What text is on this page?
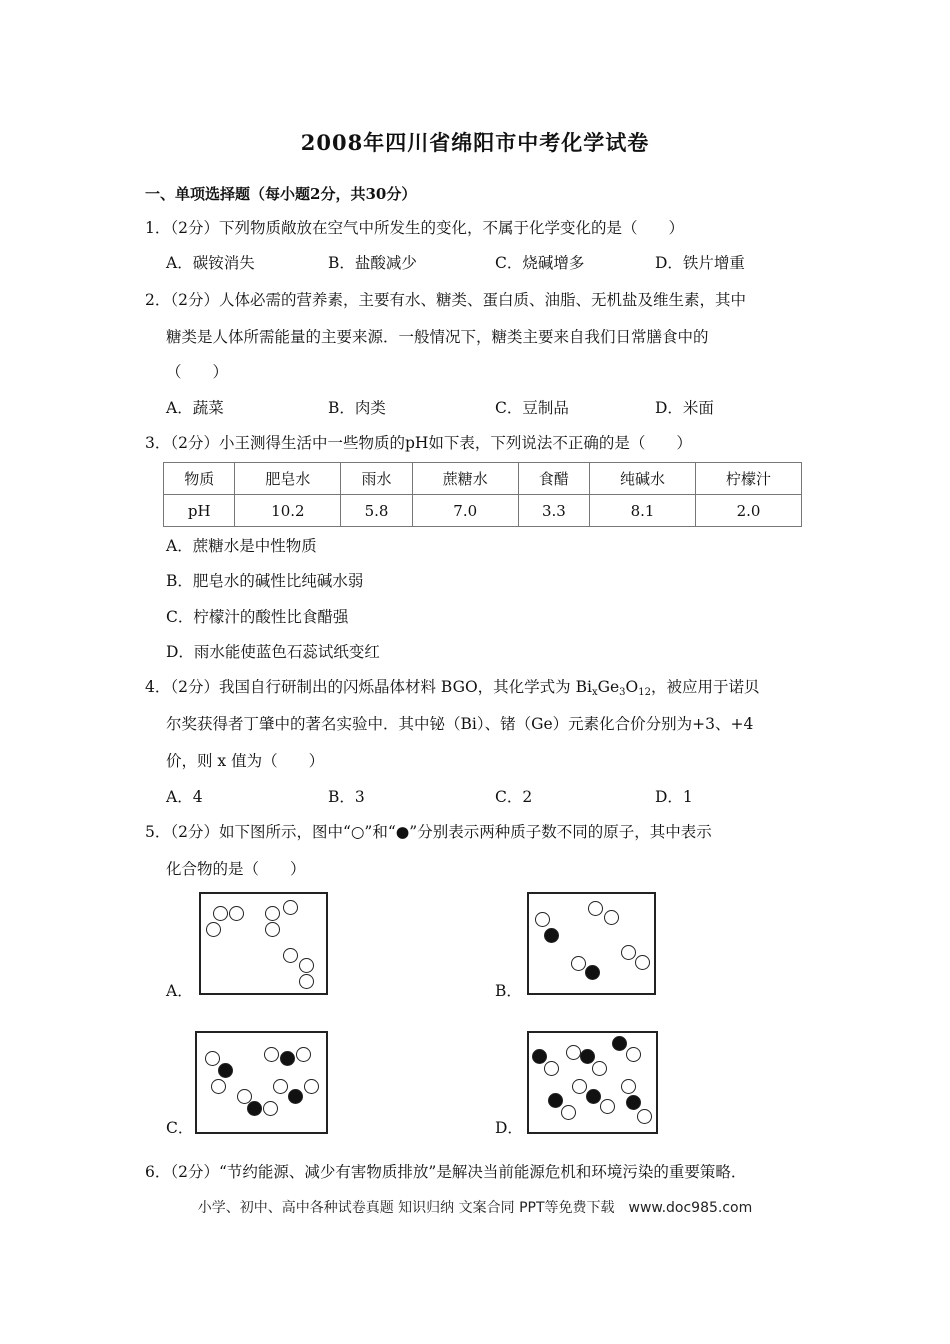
2008年四川省绵阳市中考化学试卷
一、单项选择题（每小题2分，共30分）
1．（2分）下列物质敞放在空气中所发生的变化，不属于化学变化的是（　　）
A．碳铵消失	B．盐酸减少	C．烧碱增多	D．铁片增重
2．（2分）人体必需的营养素，主要有水、糖类、蛋白质、油脂、无机盐及维生素，其中
糖类是人体所需能量的主要来源．一般情况下，糖类主要来自我们日常膳食中的
（　　）
A．蔬菜	B．肉类	C．豆制品	D．米面
3．（2分）小王测得生活中一些物质的pH如下表，下列说法不正确的是（　　）
物质	肥皂水	雨水	蔗糖水	食醋	纯碱水	柠檬汁
pH	10.2	5.8	7.0	3.3	8.1	2.0
A．蔗糖水是中性物质
B．肥皂水的碱性比纯碱水弱
C．柠檬汁的酸性比食醋强
D．雨水能使蓝色石蕊试纸变红
4．（2分）我国自行研制出的闪烁晶体材料 BGO，其化学式为 $Bi_xGe_3O_{12}$，被应用于诺贝
尔奖获得者丁肇中的著名实验中．其中铋（Bi）、锗（Ge）元素化合价分别为+3、+4
价，则 x 值为（　　）
A．4	B．3	C．2	D．1
5．（2分）如下图所示，图中“○”和“●”分别表示两种质子数不同的原子，其中表示
化合物的是（　　）
A．	B．
C．	D．
6．（2分）“节约能源、减少有害物质排放”是解决当前能源危机和环境污染的重要策略．
小学、初中、高中各种试卷真题 知识归纳 文案合同 PPT等免费下载　www.doc985.com
